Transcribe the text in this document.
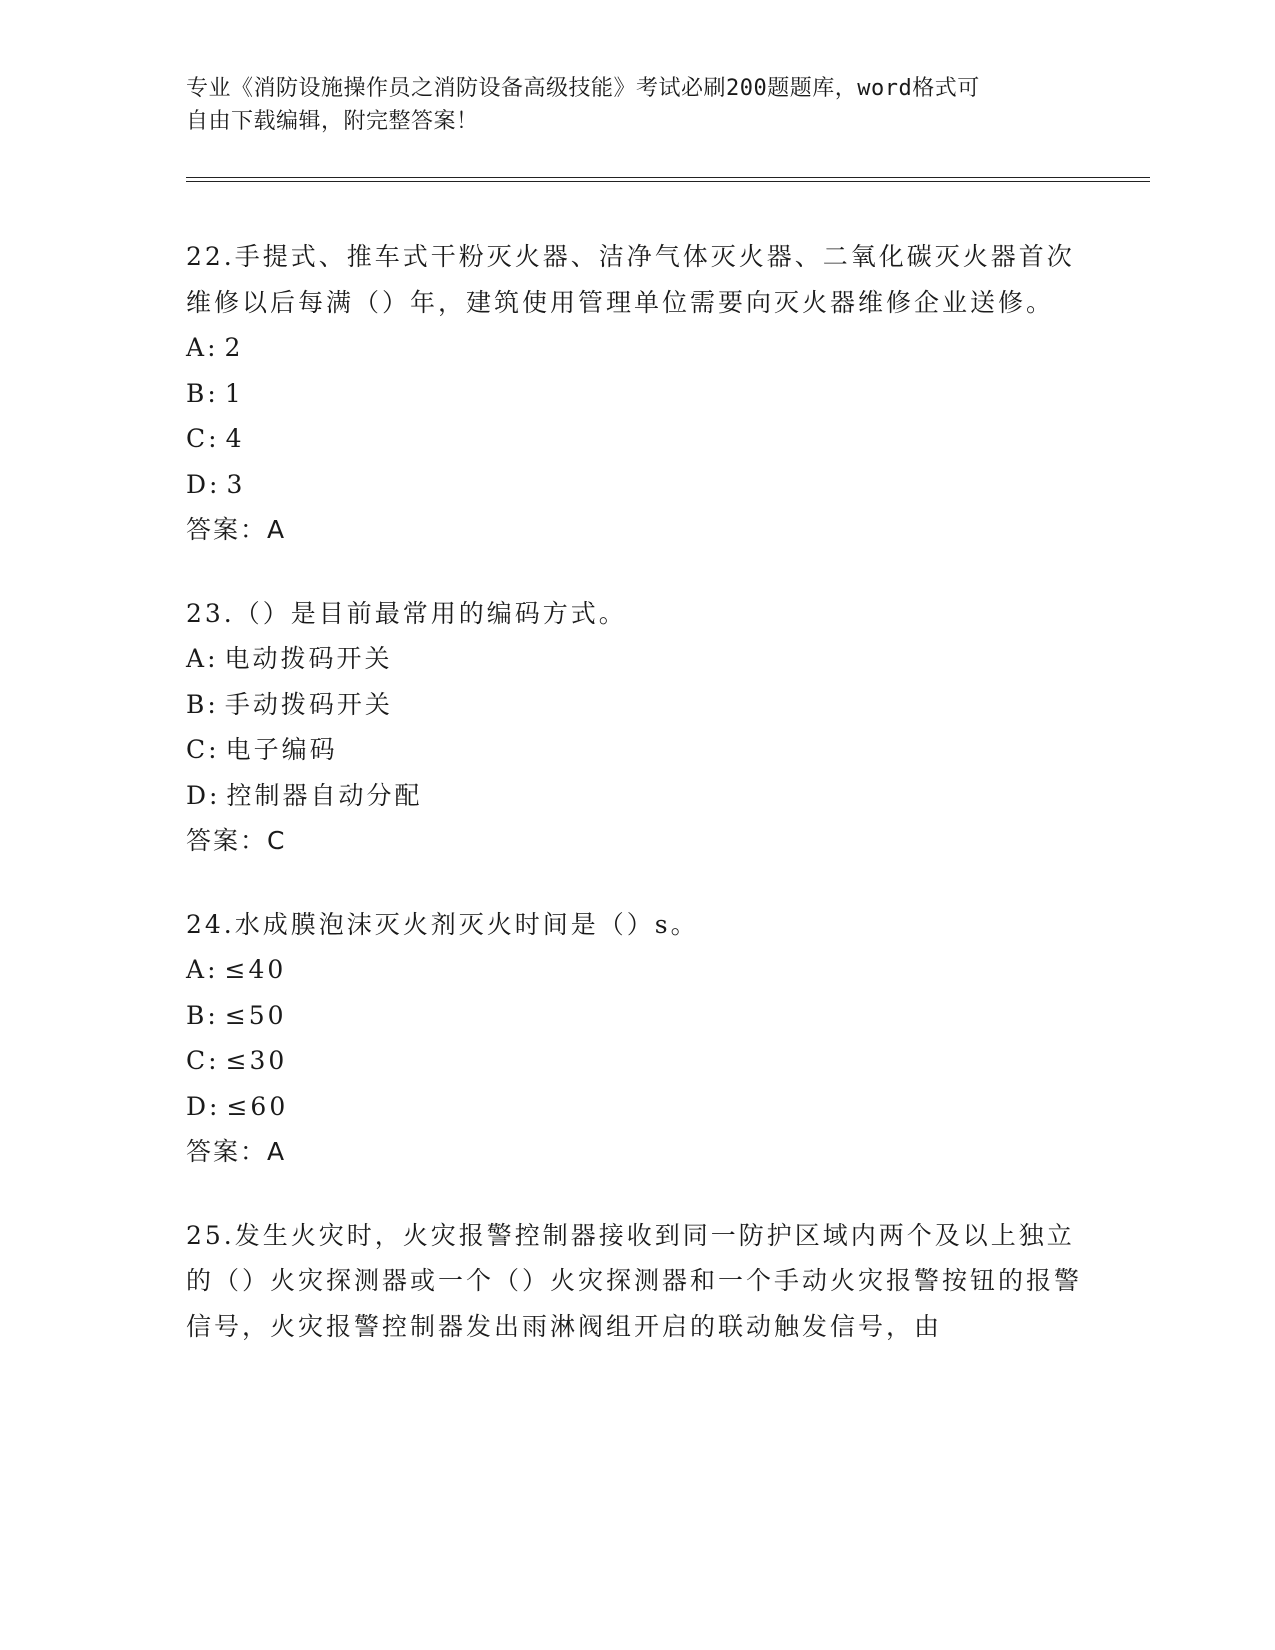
专业《消防设施操作员之消防设备高级技能》考试必刷200题题库，word格式可
自由下载编辑，附完整答案！
22.手提式、推车式干粉灭火器、洁净气体灭火器、二氧化碳灭火器首次维修以后每满（）年，建筑使用管理单位需要向灭火器维修企业送修。
A : 2
B : 1
C : 4
D : 3
答案：A
23.（）是目前最常用的编码方式。
A : 电动拨码开关
B : 手动拨码开关
C : 电子编码
D : 控制器自动分配
答案：C
24.水成膜泡沫灭火剂灭火时间是（）s。
A : ≤40
B : ≤50
C : ≤30
D : ≤60
答案：A
25.发生火灾时，火灾报警控制器接收到同一防护区域内两个及以上独立的（）火灾探测器或一个（）火灾探测器和一个手动火灾报警按钮的报警信号，火灾报警控制器发出雨淋阀组开启的联动触发信号，由
